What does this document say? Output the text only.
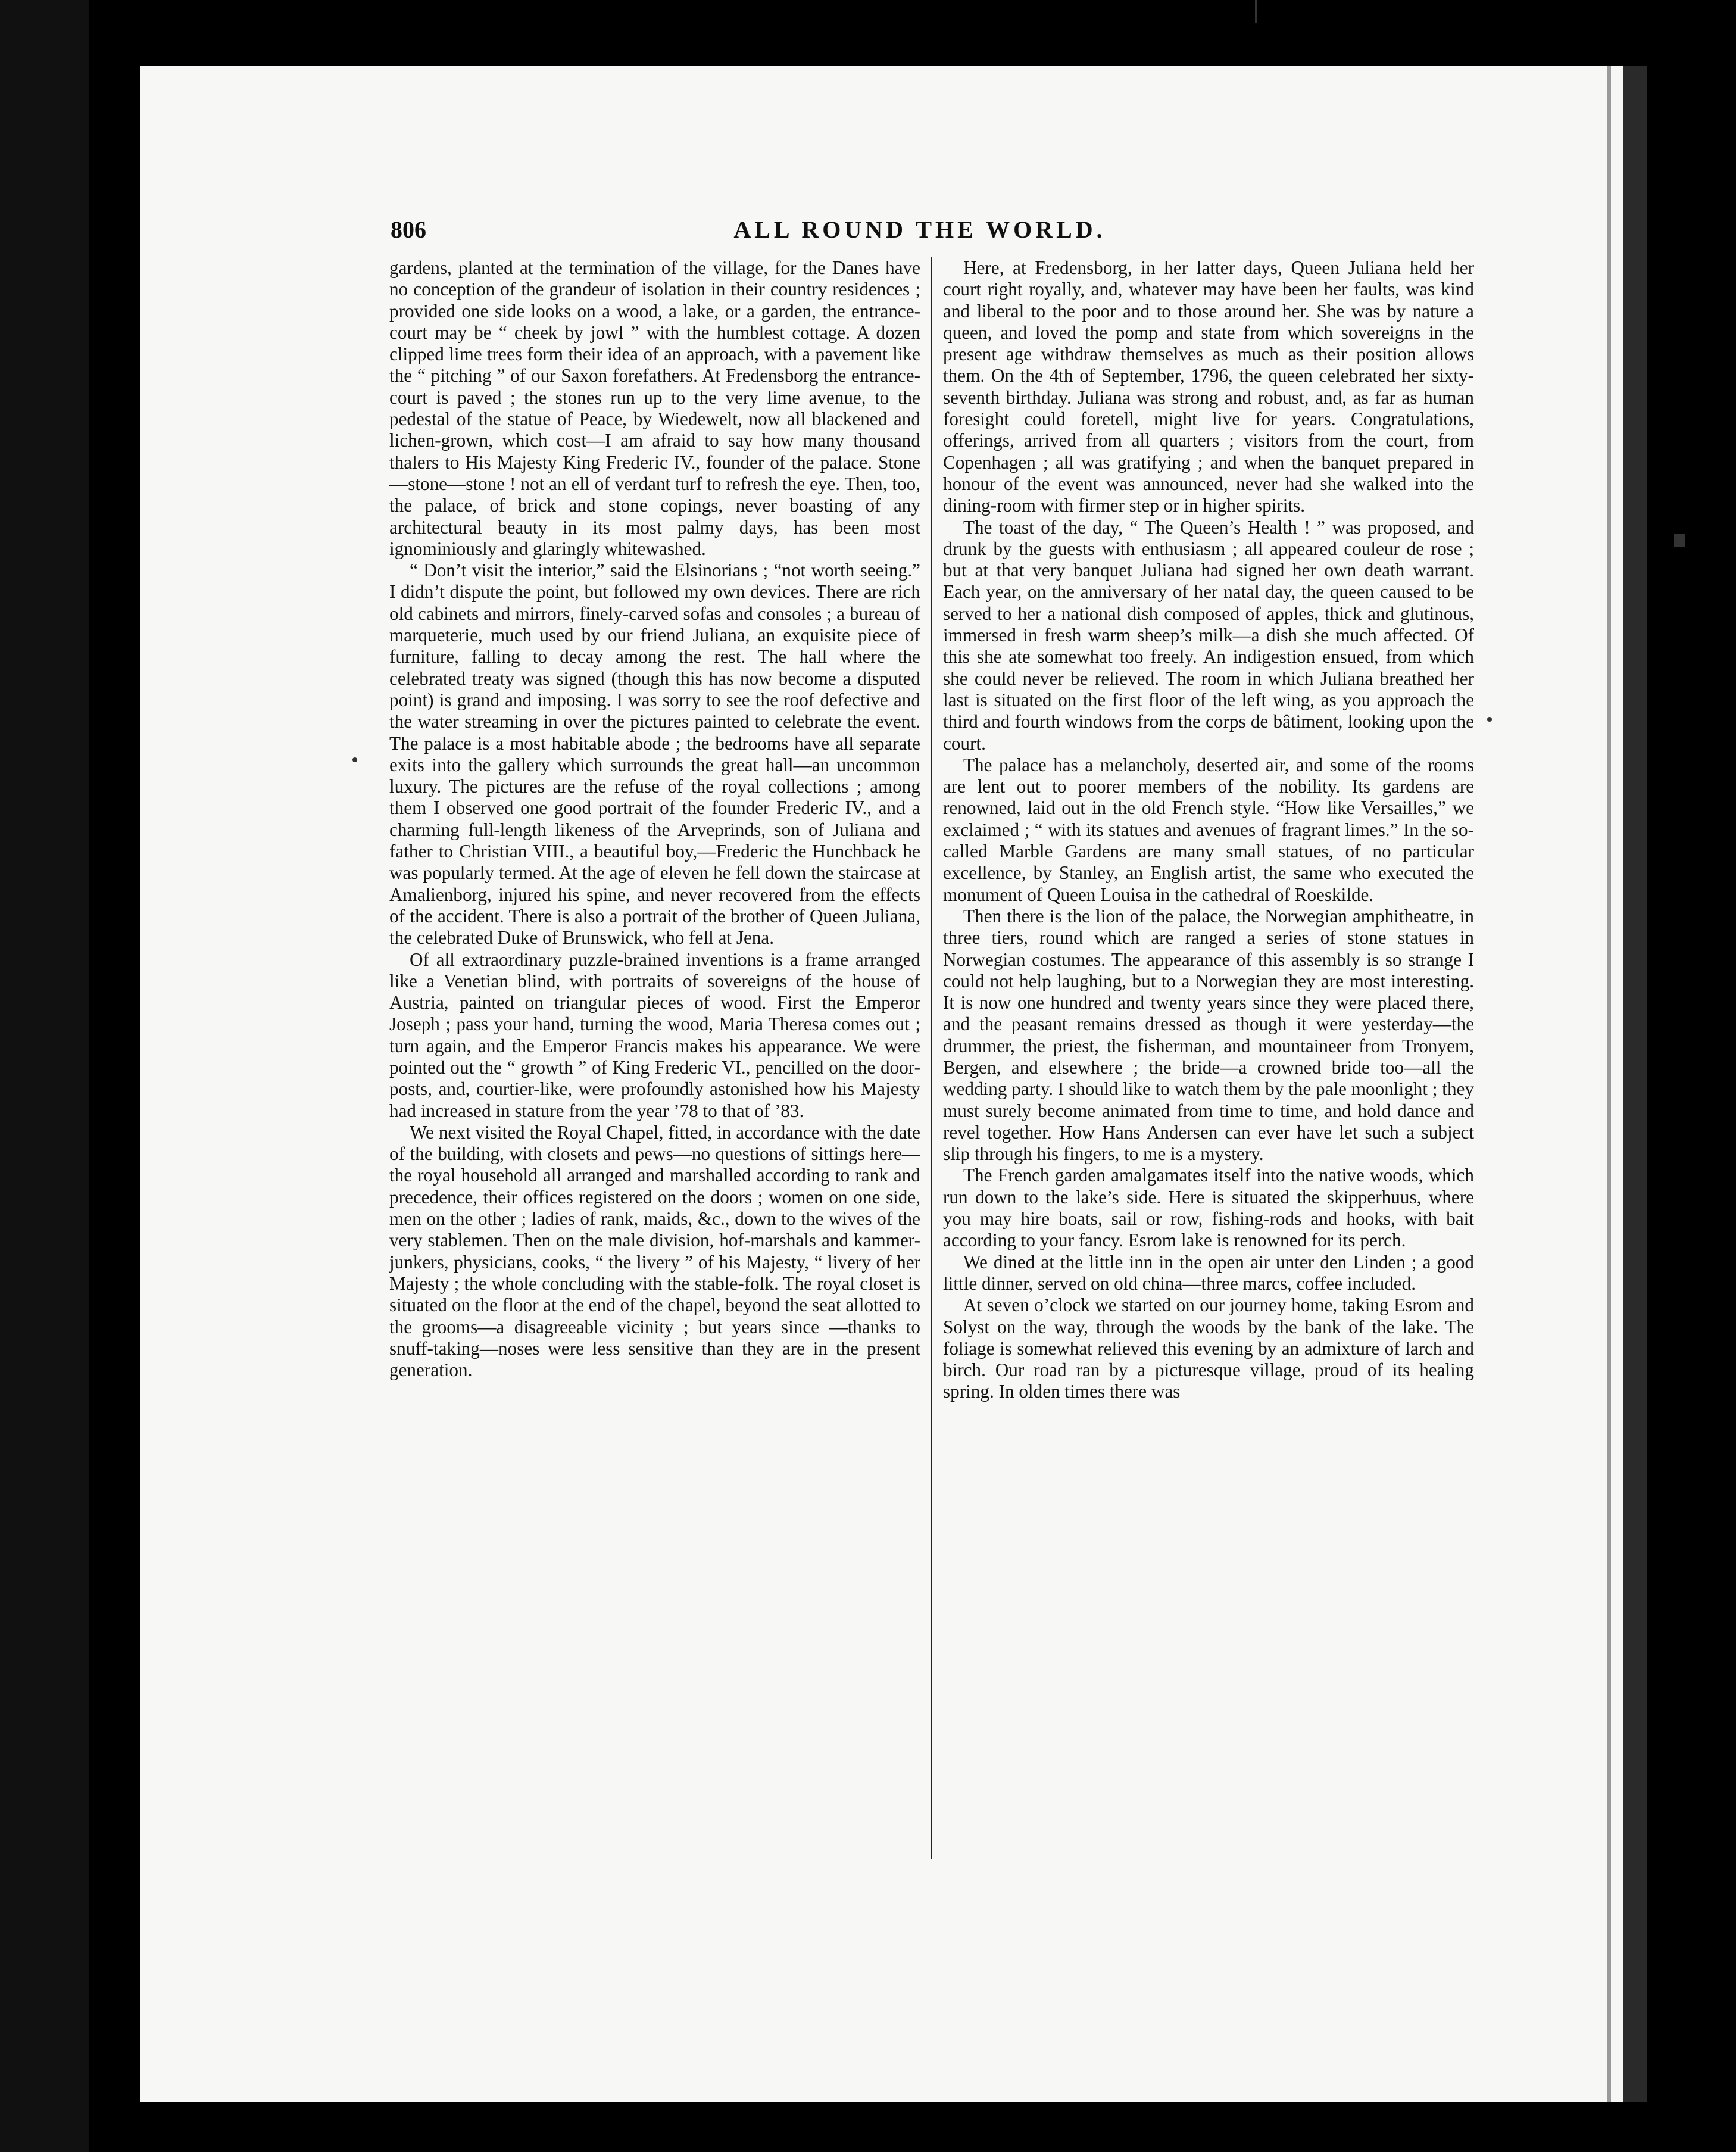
806	ALL ROUND THE WORLD.

gardens, planted at the termination of the village, for the Danes have no conception of the grandeur of isolation in their country residences ; provided one side looks on a wood, a lake, or a garden, the entrance-court may be “ cheek by jowl ” with the humblest cottage. A dozen clipped lime trees form their idea of an approach, with a pavement like the “ pitching ” of our Saxon forefathers. At Fredensborg the entrance-court is paved ; the stones run up to the very lime avenue, to the pedestal of the statue of Peace, by Wiedewelt, now all blackened and lichen-grown, which cost—I am afraid to say how many thousand thalers to His Majesty King Frederic IV., founder of the palace. Stone—stone—stone ! not an ell of verdant turf to refresh the eye. Then, too, the palace, of brick and stone copings, never boasting of any architectural beauty in its most palmy days, has been most ignominiously and glaringly whitewashed.

“ Don’t visit the interior,” said the Elsinorians ; “not worth seeing.” I didn’t dispute the point, but followed my own devices. There are rich old cabinets and mirrors, finely-carved sofas and consoles ; a bureau of marqueterie, much used by our friend Juliana, an exquisite piece of furniture, falling to decay among the rest. The hall where the celebrated treaty was signed (though this has now become a disputed point) is grand and imposing. I was sorry to see the roof defective and the water streaming in over the pictures painted to celebrate the event. The palace is a most habitable abode ; the bedrooms have all separate exits into the gallery which surrounds the great hall—an uncommon luxury. The pictures are the refuse of the royal collections ; among them I observed one good portrait of the founder Frederic IV., and a charming full-length likeness of the Arveprinds, son of Juliana and father to Christian VIII., a beautiful boy,—Frederic the Hunchback he was popularly termed. At the age of eleven he fell down the staircase at Amalienborg, injured his spine, and never recovered from the effects of the accident. There is also a portrait of the brother of Queen Juliana, the celebrated Duke of Brunswick, who fell at Jena.

Of all extraordinary puzzle-brained inventions is a frame arranged like a Venetian blind, with portraits of sovereigns of the house of Austria, painted on triangular pieces of wood. First the Emperor Joseph ; pass your hand, turning the wood, Maria Theresa comes out ; turn again, and the Emperor Francis makes his appearance. We were pointed out the “ growth ” of King Frederic VI., pencilled on the door-posts, and, courtier-like, were profoundly astonished how his Majesty had increased in stature from the year ’78 to that of ’83.

We next visited the Royal Chapel, fitted, in accordance with the date of the building, with closets and pews—no questions of sittings here—the royal household all arranged and marshalled according to rank and precedence, their offices registered on the doors ; women on one side, men on the other ; ladies of rank, maids, &c., down to the wives of the very stablemen. Then on the male division, hof-marshals and kammer-junkers, physicians, cooks, “ the livery ” of his Majesty, “ livery of her Majesty ; the whole concluding with the stable-folk. The royal closet is situated on the floor at the end of the chapel, beyond the seat allotted to the grooms—a disagreeable vicinity ; but years since —thanks to snuff-taking—noses were less sensitive than they are in the present generation.

Here, at Fredensborg, in her latter days, Queen Juliana held her court right royally, and, whatever may have been her faults, was kind and liberal to the poor and to those around her. She was by nature a queen, and loved the pomp and state from which sovereigns in the present age withdraw themselves as much as their position allows them. On the 4th of September, 1796, the queen celebrated her sixty-seventh birthday. Juliana was strong and robust, and, as far as human foresight could foretell, might live for years. Congratulations, offerings, arrived from all quarters ; visitors from the court, from Copenhagen ; all was gratifying ; and when the banquet prepared in honour of the event was announced, never had she walked into the dining-room with firmer step or in higher spirits.

The toast of the day, “ The Queen’s Health ! ” was proposed, and drunk by the guests with enthusiasm ; all appeared couleur de rose ; but at that very banquet Juliana had signed her own death warrant. Each year, on the anniversary of her natal day, the queen caused to be served to her a national dish composed of apples, thick and glutinous, immersed in fresh warm sheep’s milk—a dish she much affected. Of this she ate somewhat too freely. An indigestion ensued, from which she could never be relieved. The room in which Juliana breathed her last is situated on the first floor of the left wing, as you approach the third and fourth windows from the corps de bâtiment, looking upon the court.

The palace has a melancholy, deserted air, and some of the rooms are lent out to poorer members of the nobility. Its gardens are renowned, laid out in the old French style. “How like Versailles,” we exclaimed ; “ with its statues and avenues of fragrant limes.” In the so-called Marble Gardens are many small statues, of no particular excellence, by Stanley, an English artist, the same who executed the monument of Queen Louisa in the cathedral of Roeskilde.

Then there is the lion of the palace, the Norwegian amphitheatre, in three tiers, round which are ranged a series of stone statues in Norwegian costumes. The appearance of this assembly is so strange I could not help laughing, but to a Norwegian they are most interesting. It is now one hundred and twenty years since they were placed there, and the peasant remains dressed as though it were yesterday—the drummer, the priest, the fisherman, and mountaineer from Tronyem, Bergen, and elsewhere ; the bride—a crowned bride too—all the wedding party. I should like to watch them by the pale moonlight ; they must surely become animated from time to time, and hold dance and revel together. How Hans Andersen can ever have let such a subject slip through his fingers, to me is a mystery.

The French garden amalgamates itself into the native woods, which run down to the lake’s side. Here is situated the skipperhuus, where you may hire boats, sail or row, fishing-rods and hooks, with bait according to your fancy. Esrom lake is renowned for its perch.

We dined at the little inn in the open air unter den Linden ; a good little dinner, served on old china—three marcs, coffee included.

At seven o’clock we started on our journey home, taking Esrom and Solyst on the way, through the woods by the bank of the lake. The foliage is somewhat relieved this evening by an admixture of larch and birch. Our road ran by a picturesque village, proud of its healing spring. In olden times there was
